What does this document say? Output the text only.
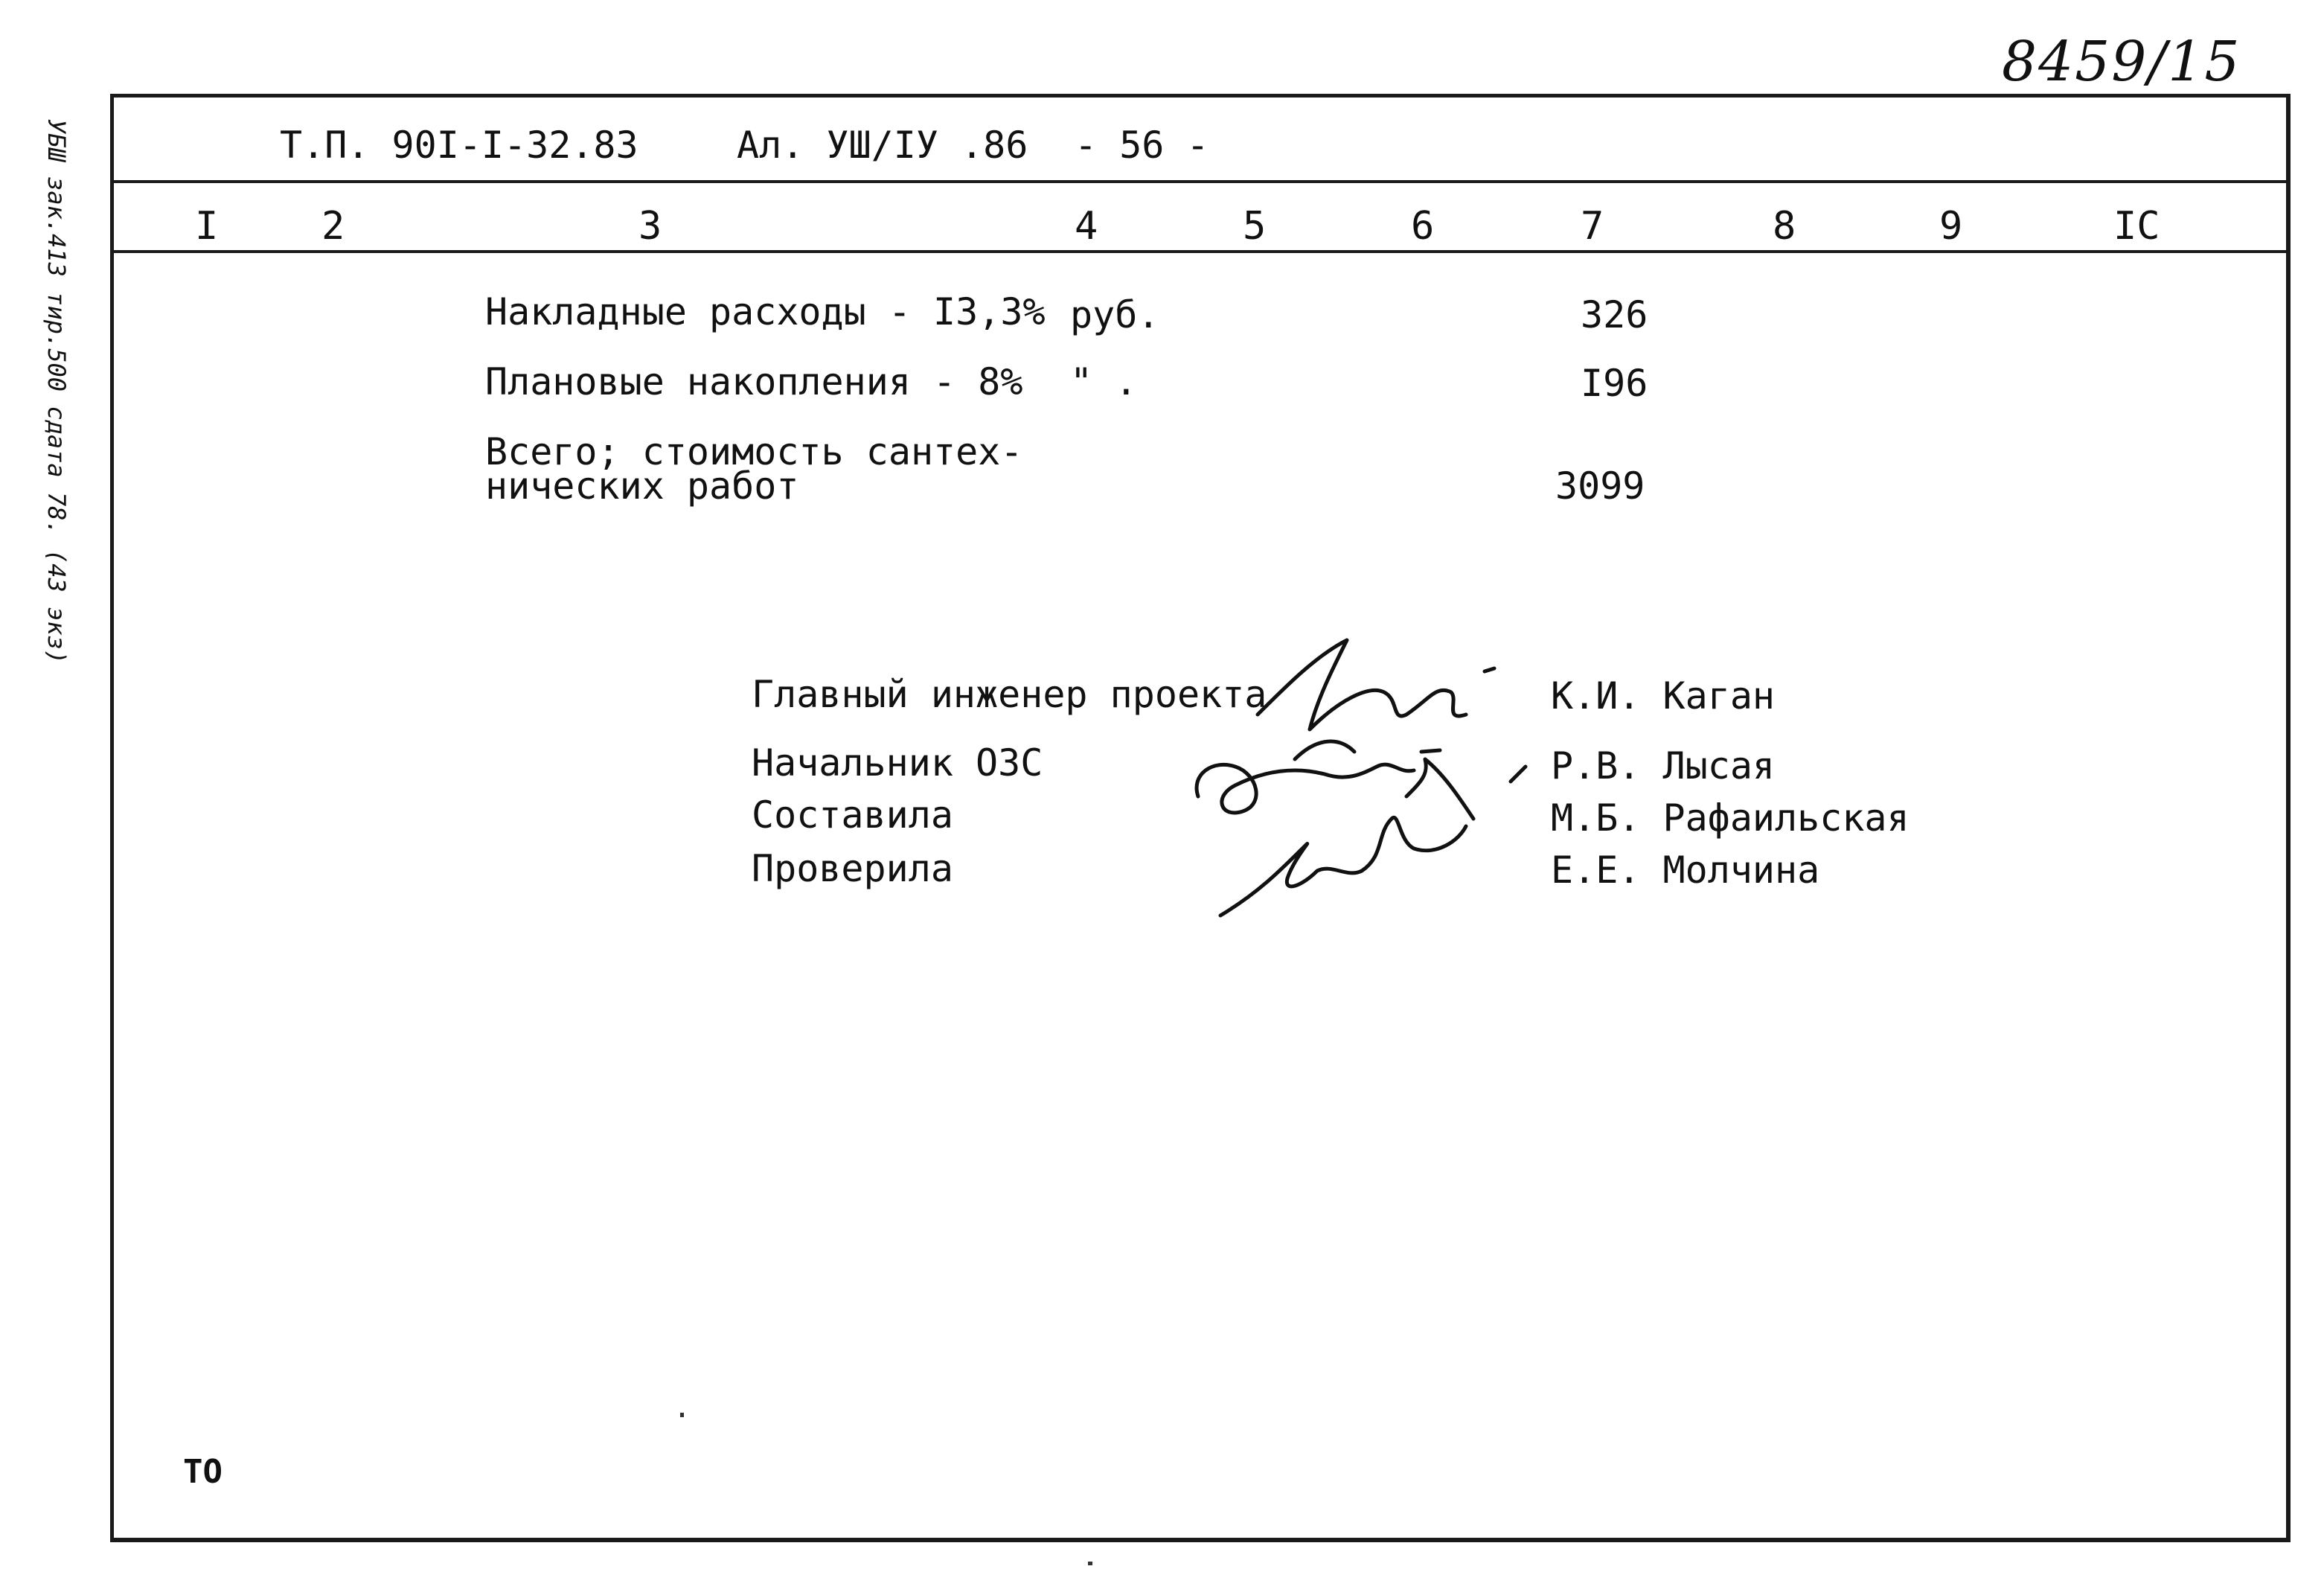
8459/15
УБШ зак.413 тир.500 сдата 78. (43 экз)	Т.П. 90I-I-32.83	Ал. УШ/IУ .86 - 56 -
I	2	3	4	5	6	7	8	9	IC
Накладные расходы - I3,3% руб.	326
Плановые накопления - 8% " .	I96
Всего; стоимость сантех-
нических работ	3099
Главный инженер проекта	К.И. Каган
Начальник ОЗС	Р.В. Лысая
Составила	М.Б. Рафаильская
Проверила	Е.Е. Молчина
ТО
